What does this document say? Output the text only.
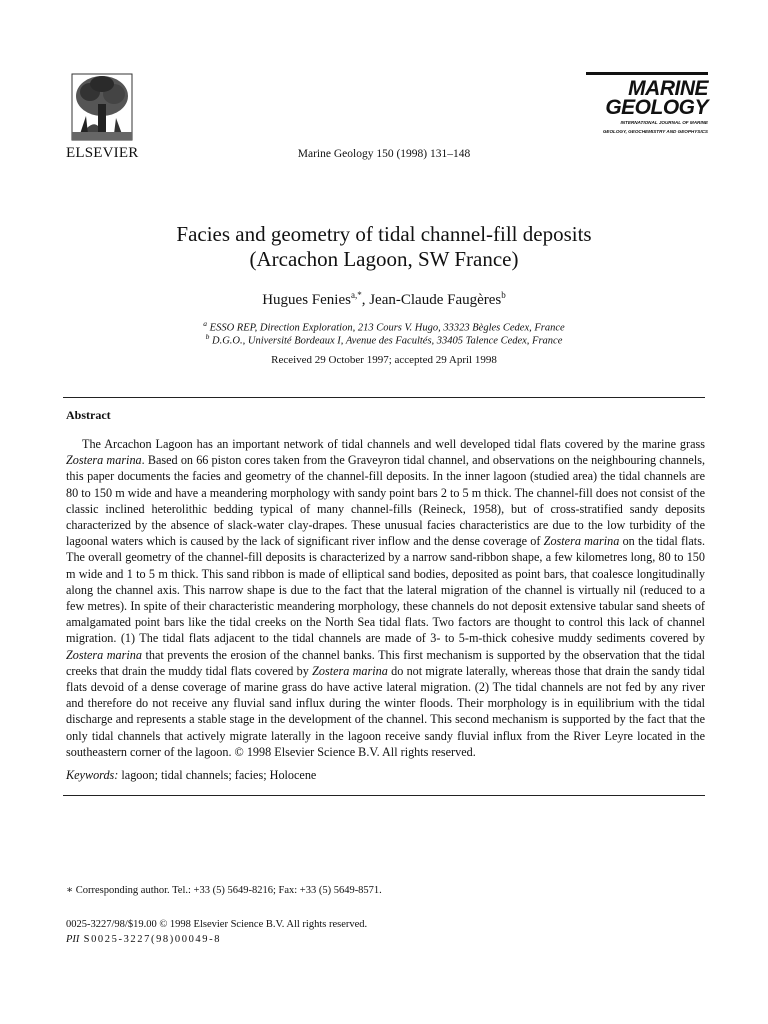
ELSEVIER	Marine Geology 150 (1998) 131–148
MARINE
GEOLOGY
INTERNATIONAL JOURNAL OF MARINE
GEOLOGY, GEOCHEMISTRY AND GEOPHYSICS
Facies and geometry of tidal channel-fill deposits
(Arcachon Lagoon, SW France)
Hugues Fenies$^{a,*}$, Jean-Claude Faugères$^b$
$^a$ ESSO REP, Direction Exploration, 213 Cours V. Hugo, 33323 Bègles Cedex, France
$^b$ D.G.O., Université Bordeaux I, Avenue des Facultés, 33405 Talence Cedex, France
Received 29 October 1997; accepted 29 April 1998
Abstract

The Arcachon Lagoon has an important network of tidal channels and well developed tidal flats covered by the marine grass Zostera marina. Based on 66 piston cores taken from the Graveyron tidal channel, and observations on the neighbouring channels, this paper documents the facies and geometry of the channel-fill deposits. In the inner lagoon (studied area) the tidal channels are 80 to 150 m wide and have a meandering morphology with sandy point bars 2 to 5 m thick. The channel-fill does not consist of the classic inclined heterolithic bedding typical of many channel-fills (Reineck, 1958), but of cross-stratified sandy deposits characterized by the absence of slack-water clay-drapes. These unusual facies characteristics are due to the low turbidity of the lagoonal waters which is caused by the lack of significant river inflow and the dense coverage of Zostera marina on the tidal flats. The overall geometry of the channel-fill deposits is characterized by a narrow sand-ribbon shape, a few kilometres long, 80 to 150 m wide and 1 to 5 m thick. This sand ribbon is made of elliptical sand bodies, deposited as point bars, that coalesce longitudinally along the channel axis. This narrow shape is due to the fact that the lateral migration of the channel is virtually nil (reduced to a few metres). In spite of their characteristic meandering morphology, these channels do not deposit extensive tabular sand sheets of amalgamated point bars like the tidal creeks on the North Sea tidal flats. Two factors are thought to control this lack of channel migration. (1) The tidal flats adjacent to the tidal channels are made of 3- to 5-m-thick cohesive muddy sediments covered by Zostera marina that prevents the erosion of the channel banks. This first mechanism is supported by the observation that the tidal creeks that drain the muddy tidal flats covered by Zostera marina do not migrate laterally, whereas those that drain the sandy tidal flats devoid of a dense coverage of marine grass do have active lateral migration. (2) The tidal channels are not fed by any river and therefore do not receive any fluvial sand influx during the winter floods. Their morphology is in equilibrium with the tidal discharge and represents a stable stage in the development of the channel. This second mechanism is supported by the fact that the only tidal channels that actively migrate laterally in the lagoon receive sandy fluvial influx from the River Leyre located in the southeastern corner of the lagoon. © 1998 Elsevier Science B.V. All rights reserved.

Keywords: lagoon; tidal channels; facies; Holocene
∗ Corresponding author. Tel.: +33 (5) 5649-8216; Fax: +33 (5) 5649-8571.
0025-3227/98/$19.00 © 1998 Elsevier Science B.V. All rights reserved.
PII S0025-3227(98)00049-8
